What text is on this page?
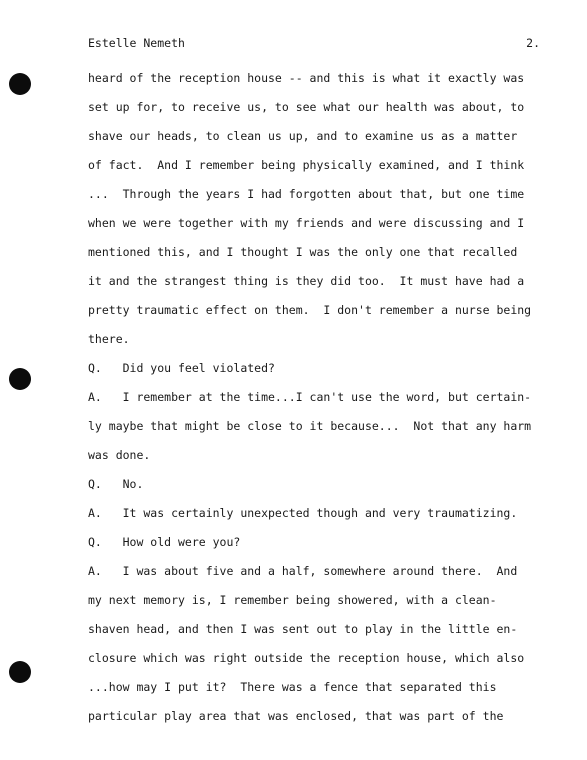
Estelle Nemeth	2.
heard of the reception house -- and this is what it exactly was
set up for, to receive us, to see what our health was about, to
shave our heads, to clean us up, and to examine us as a matter
of fact.  And I remember being physically examined, and I think
...  Through the years I had forgotten about that, but one time
when we were together with my friends and were discussing and I
mentioned this, and I thought I was the only one that recalled
it and the strangest thing is they did too.  It must have had a
pretty traumatic effect on them.  I don't remember a nurse being
there.
Q.   Did you feel violated?
A.   I remember at the time...I can't use the word, but certain-
ly maybe that might be close to it because...  Not that any harm
was done.
Q.   No.
A.   It was certainly unexpected though and very traumatizing.
Q.   How old were you?
A.   I was about five and a half, somewhere around there.  And
my next memory is, I remember being showered, with a clean-
shaven head, and then I was sent out to play in the little en-
closure which was right outside the reception house, which also
...how may I put it?  There was a fence that separated this
particular play area that was enclosed, that was part of the
